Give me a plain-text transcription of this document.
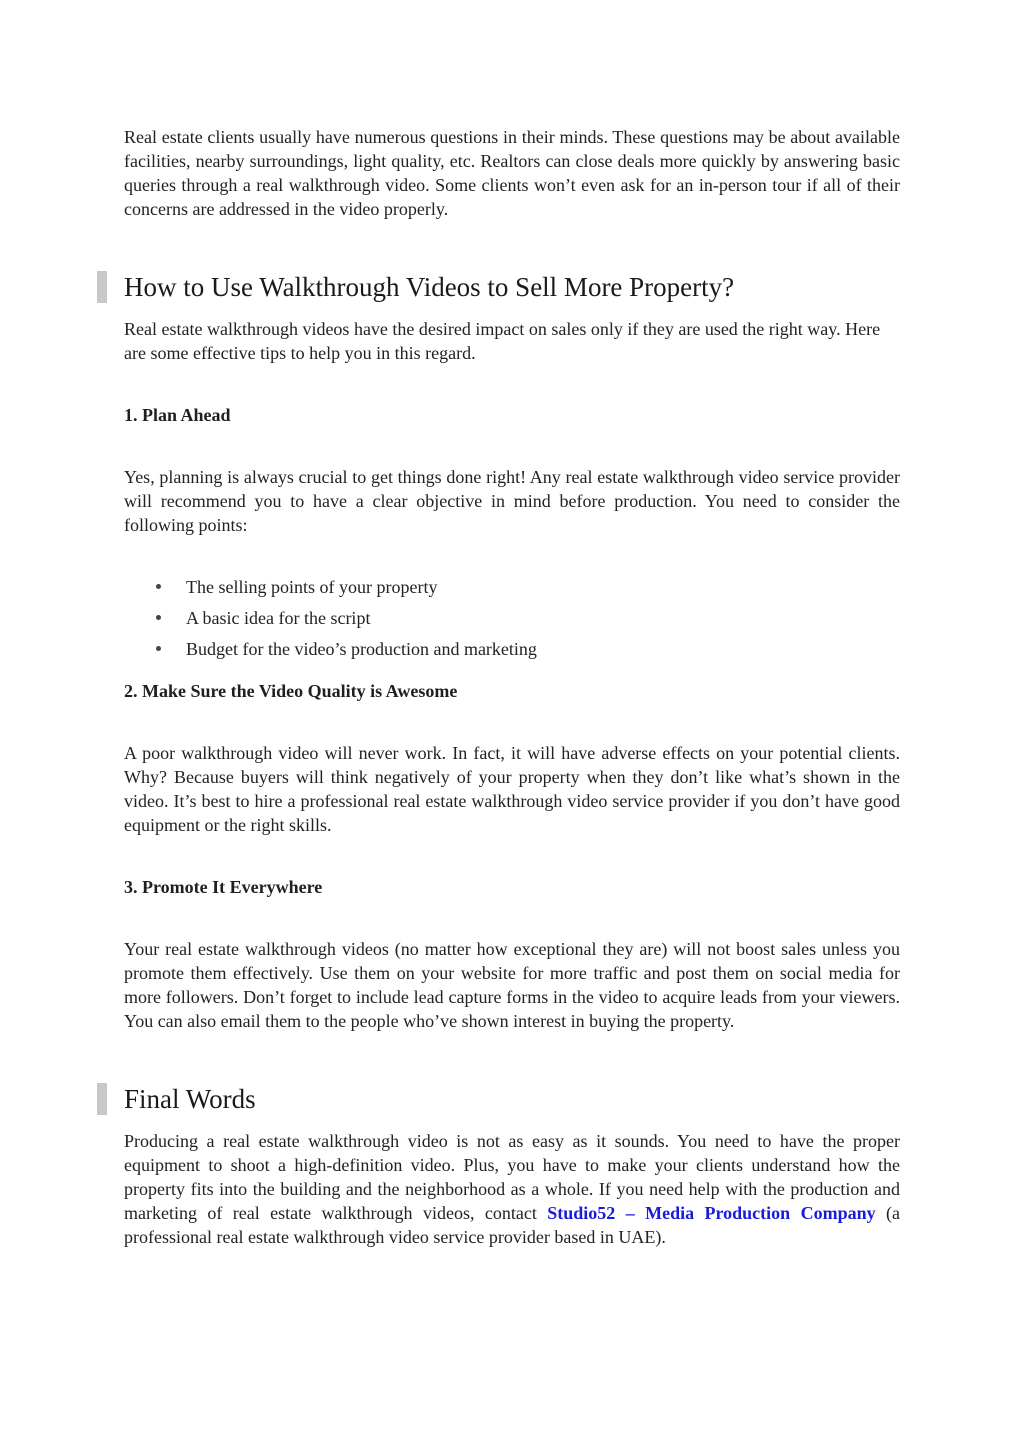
Real estate clients usually have numerous questions in their minds. These questions may be about available facilities, nearby surroundings, light quality, etc. Realtors can close deals more quickly by answering basic queries through a real walkthrough video. Some clients won’t even ask for an in-person tour if all of their concerns are addressed in the video properly.

How to Use Walkthrough Videos to Sell More Property?

Real estate walkthrough videos have the desired impact on sales only if they are used the right way. Here are some effective tips to help you in this regard.

1. Plan Ahead

Yes, planning is always crucial to get things done right! Any real estate walkthrough video service provider will recommend you to have a clear objective in mind before production. You need to consider the following points:

The selling points of your property
A basic idea for the script
Budget for the video’s production and marketing
2. Make Sure the Video Quality is Awesome

A poor walkthrough video will never work. In fact, it will have adverse effects on your potential clients. Why? Because buyers will think negatively of your property when they don’t like what’s shown in the video. It’s best to hire a professional real estate walkthrough video service provider if you don’t have good equipment or the right skills.

3. Promote It Everywhere

Your real estate walkthrough videos (no matter how exceptional they are) will not boost sales unless you promote them effectively. Use them on your website for more traffic and post them on social media for more followers. Don’t forget to include lead capture forms in the video to acquire leads from your viewers. You can also email them to the people who’ve shown interest in buying the property.

Final Words

Producing a real estate walkthrough video is not as easy as it sounds. You need to have the proper equipment to shoot a high-definition video. Plus, you have to make your clients understand how the property fits into the building and the neighborhood as a whole. If you need help with the production and marketing of real estate walkthrough videos, contact Studio52 – Media Production Company (a professional real estate walkthrough video service provider based in UAE).
